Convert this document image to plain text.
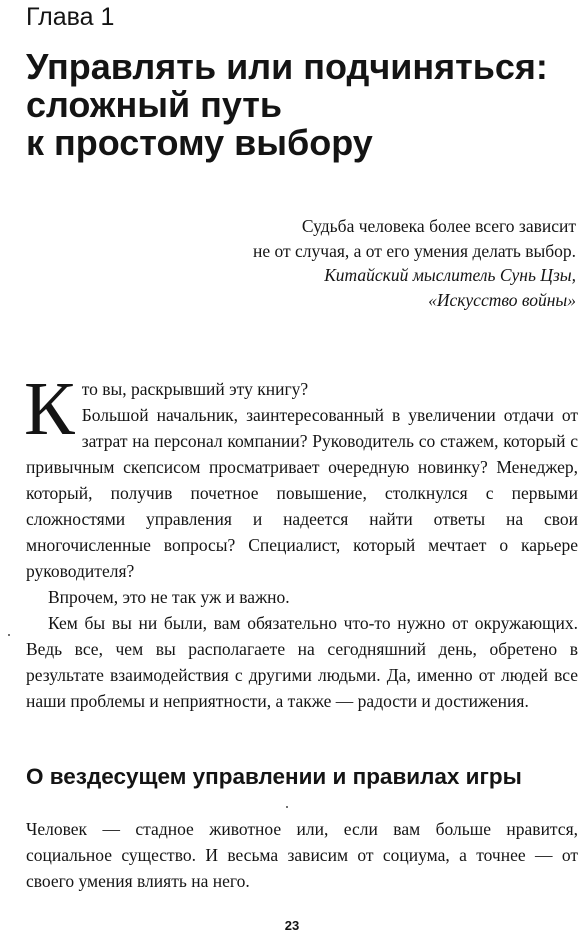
Глава 1
Управлять или подчиняться:
сложный путь
к простому выбору
Судьба человека более всего зависит
не от случая, а от его умения делать выбор.
Китайский мыслитель Сунь Цзы,
«Искусство войны»

Кто вы, раскрывший эту книгу?

Большой начальник, заинтересованный в увеличении отдачи от затрат на персонал компании? Руководитель со стажем, который с привычным скепсисом просматривает очередную новинку? Менеджер, который, получив почетное повышение, столкнулся с первыми сложностями управления и надеется найти ответы на свои многочисленные вопросы? Специалист, который мечтает о карьере руководителя?

Впрочем, это не так уж и важно.

Кем бы вы ни были, вам обязательно что-то нужно от окружающих. Ведь все, чем вы располагаете на сегодняшний день, обретено в результате взаимодействия с другими людьми. Да, именно от людей все наши проблемы и неприятности, а также — радости и достижения.

О вездесущем управлении и правилах игры

Человек — стадное животное или, если вам больше нравится, социальное существо. И весьма зависим от социума, а точнее — от своего умения влиять на него.

23
